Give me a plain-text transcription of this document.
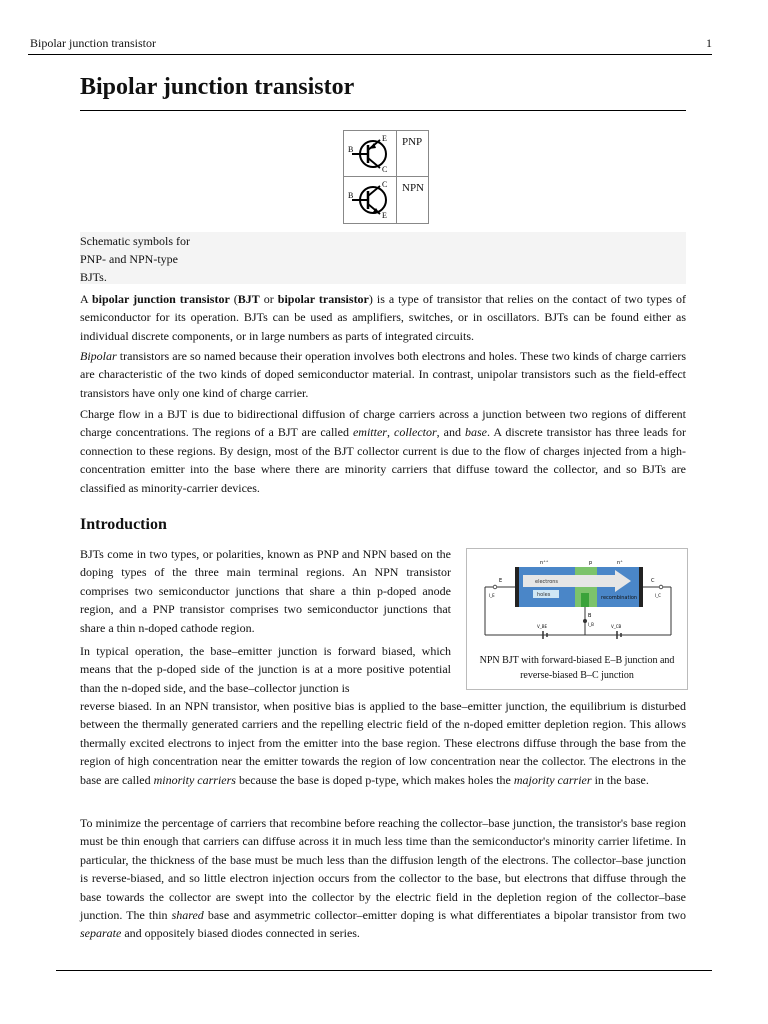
Bipolar junction transistor	1
Bipolar junction transistor
B
E
C
PNP
B
C
E
NPN
Schematic symbols for
PNP- and NPN-type
BJTs.

A bipolar junction transistor (BJT or bipolar transistor) is a type of transistor that relies on the contact of two types of semiconductor for its operation. BJTs can be used as amplifiers, switches, or in oscillators. BJTs can be found either as individual discrete components, or in large numbers as parts of integrated circuits.

Bipolar transistors are so named because their operation involves both electrons and holes. These two kinds of charge carriers are characteristic of the two kinds of doped semiconductor material. In contrast, unipolar transistors such as the field-effect transistors have only one kind of charge carrier.

Charge flow in a BJT is due to bidirectional diffusion of charge carriers across a junction between two regions of different charge concentrations. The regions of a BJT are called emitter, collector, and base. A discrete transistor has three leads for connection to these regions. By design, most of the BJT collector current is due to the flow of charges injected from a high-concentration emitter into the base where there are minority carriers that diffuse toward the collector, and so BJTs are classified as minority-carrier devices.

Introduction

BJTs come in two types, or polarities, known as PNP and NPN based on the doping types of the three main terminal regions. An NPN transistor comprises two semiconductor junctions that share a thin p-doped anode region, and a PNP transistor comprises two semiconductor junctions that share a thin n-doped cathode region.

In typical operation, the base–emitter junction is forward biased, which means that the p-doped side of the junction is at a more positive potential than the n-doped side, and the base–collector junction is

reverse biased. In an NPN transistor, when positive bias is applied to the base–emitter junction, the equilibrium is disturbed between the thermally generated carriers and the repelling electric field of the n-doped emitter depletion region. This allows thermally excited electrons to inject from the emitter into the base region. These electrons diffuse through the base from the region of high concentration near the emitter towards the region of low concentration near the collector. The electrons in the base are called minority carriers because the base is doped p-type, which makes holes the majority carrier in the base.

To minimize the percentage of carriers that recombine before reaching the collector–base junction, the transistor's base region must be thin enough that carriers can diffuse across it in much less time than the semiconductor's minority carrier lifetime. In particular, the thickness of the base must be much less than the diffusion length of the electrons. The collector–base junction is reverse-biased, and so little electron injection occurs from the collector to the base, but electrons that diffuse through the base towards the collector are swept into the collector by the electric field in the depletion region of the collector–base junction. The thin shared base and asymmetric collector–emitter doping is what differentiates a bipolar transistor from two separate and oppositely biased diodes connected in series.

n⁺⁺	p	n⁺
electrons
holes	recombination
E	C
B
I_E	I_C
I_B
V_BE	V_CB
NPN BJT with forward-biased E–B junction and
reverse-biased B–C junction
